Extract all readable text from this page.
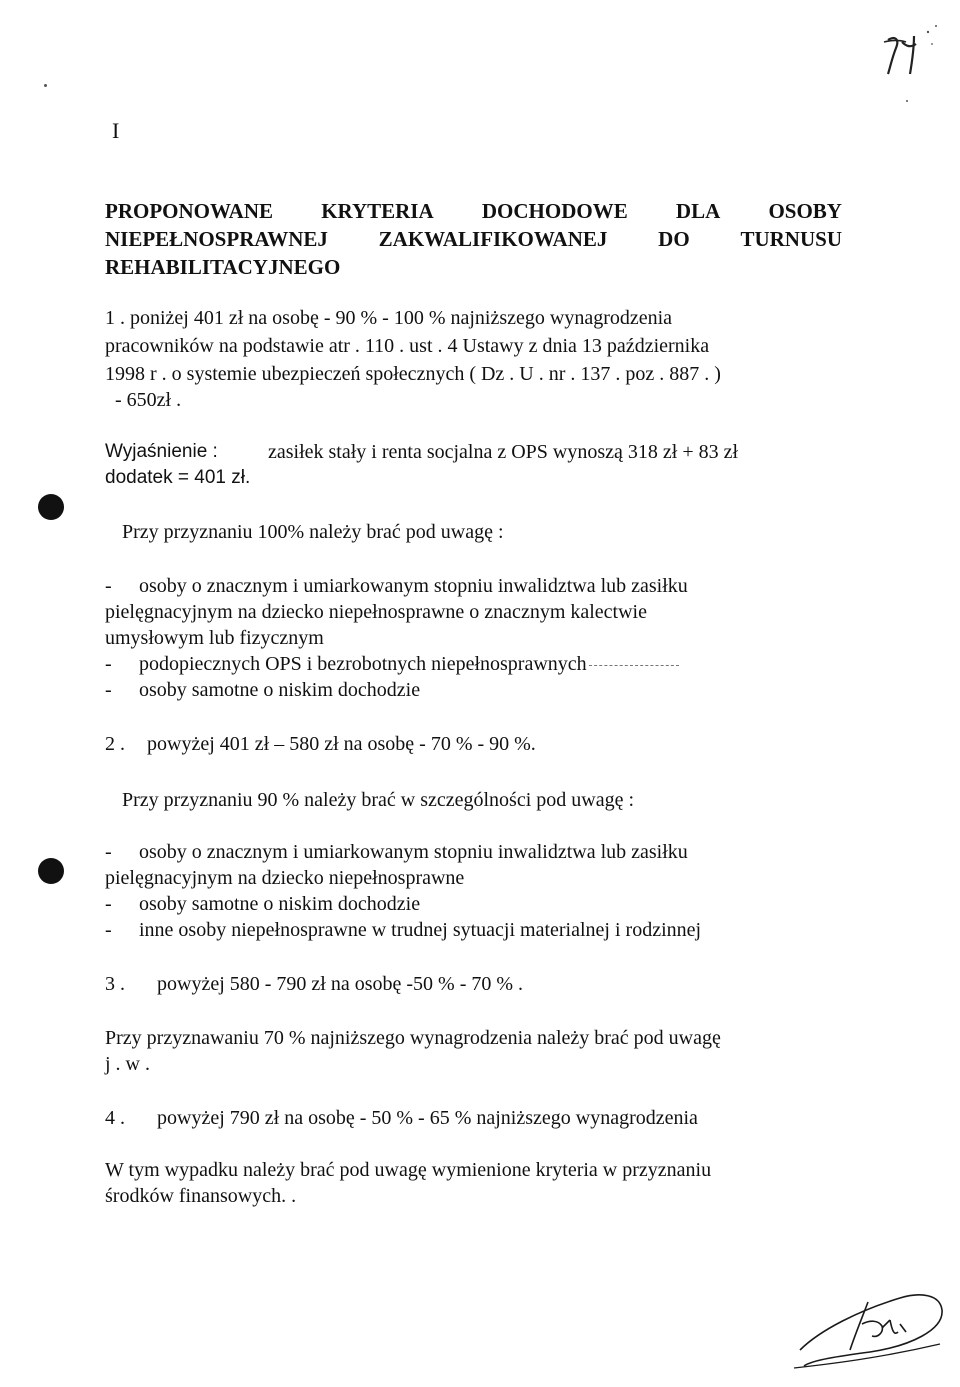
I
PROPONOWANE KRYTERIA DOCHODOWE DLA OSOBY
NIEPEŁNOSPRAWNEJ ZAKWALIFIKOWANEJ DO TURNUSU
REHABILITACYJNEGO
1 . poniżej 401 zł na osobę - 90 % - 100 % najniższego wynagrodzenia
pracowników na podstawie atr . 110 . ust . 4 Ustawy z dnia 13 października
1998 r . o systemie ubezpieczeń społecznych ( Dz . U . nr . 137 . poz . 887 . )
- 650zł .
Wyjaśnienie :	zasiłek stały i renta socjalna z OPS wynoszą 318 zł + 83 zł
dodatek = 401 zł.
Przy przyznaniu 100% należy brać pod uwagę :
- osoby o znacznym i umiarkowanym stopniu inwalidztwa lub zasiłku
pielęgnacyjnym na dziecko niepełnosprawne o znacznym kalectwie
umysłowym lub fizycznym
- podopiecznych OPS i bezrobotnych niepełnosprawnych
- osoby samotne o niskim dochodzie
2 . powyżej 401 zł – 580 zł na osobę - 70 % - 90 %.
Przy przyznaniu 90 % należy brać w szczególności pod uwagę :
- osoby o znacznym i umiarkowanym stopniu inwalidztwa lub zasiłku
pielęgnacyjnym na dziecko niepełnosprawne
- osoby samotne o niskim dochodzie
- inne osoby niepełnosprawne w trudnej sytuacji materialnej i rodzinnej
3 . powyżej 580 - 790 zł na osobę -50 % - 70 % .
Przy przyznawaniu 70 % najniższego wynagrodzenia należy brać pod uwagę
j . w .
4 . powyżej 790 zł na osobę - 50 % - 65 % najniższego wynagrodzenia
W tym wypadku należy brać pod uwagę wymienione kryteria w przyznaniu
środków finansowych. .
